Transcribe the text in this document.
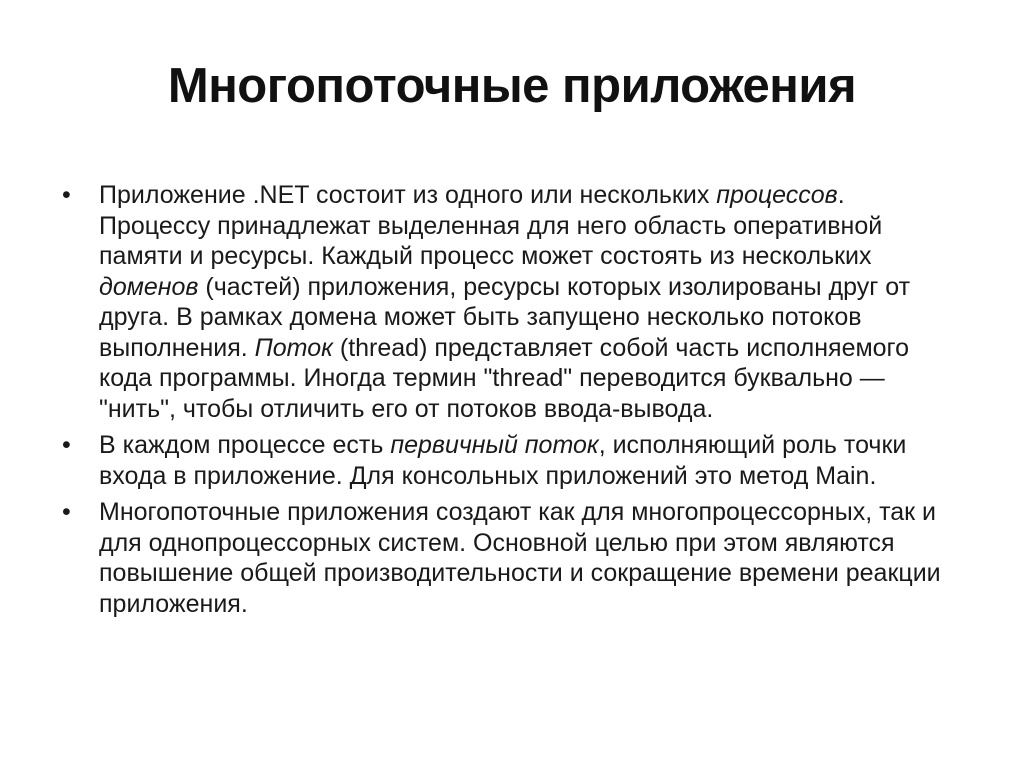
Многопоточные приложения
• Приложение .NET состоит из одного или нескольких процессов. Процессу принадлежат выделенная для него область оперативной памяти и ресурсы. Каждый процесс может состоять из нескольких доменов (частей) приложения, ресурсы которых изолированы друг от друга. В рамках домена может быть запущено несколько потоков выполнения. Поток (thread) представляет собой часть исполняемого кода программы. Иногда термин "thread" переводится буквально — "нить", чтобы отличить его от потоков ввода-вывода.
• В каждом процессе есть первичный поток, исполняющий роль точки входа в приложение. Для консольных приложений это метод Main.
• Многопоточные приложения создают как для многопроцессорных, так и для однопроцессорных систем. Основной целью при этом являются повышение общей производительности и сокращение времени реакции приложения.
